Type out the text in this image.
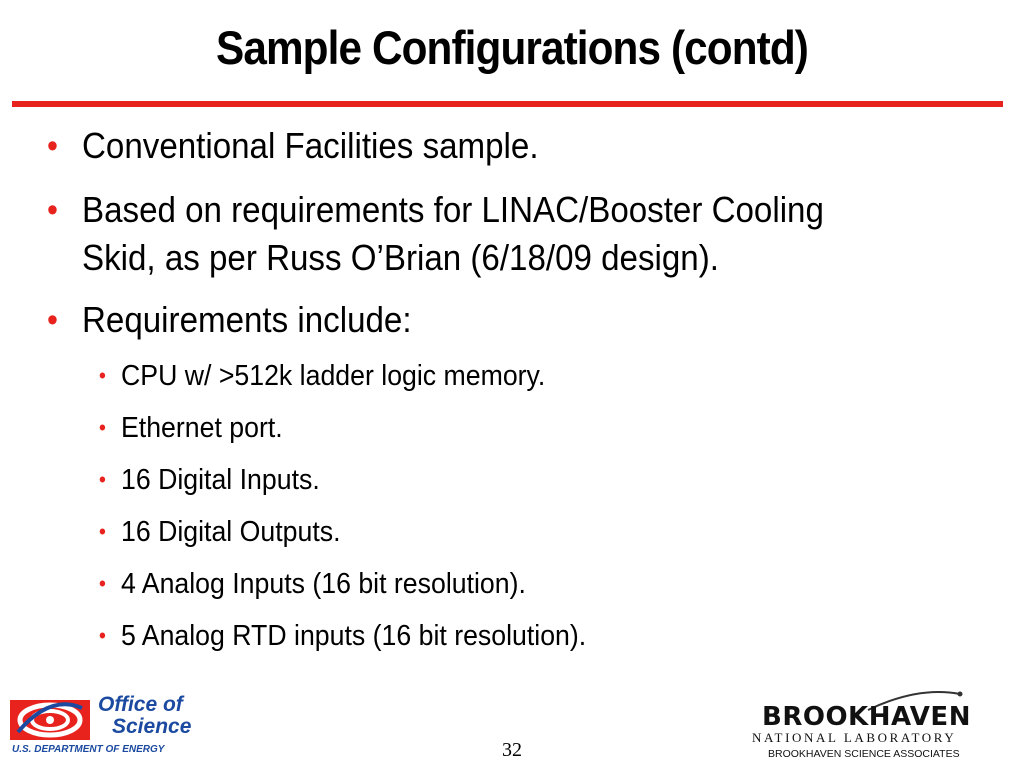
Sample Configurations (contd)
• Conventional Facilities sample.
• Based on requirements for LINAC/Booster Cooling
Skid, as per Russ O’Brian (6/18/09 design).
• Requirements include:
• CPU w/ >512k ladder logic memory.
• Ethernet port.
• 16 Digital Inputs.
• 16 Digital Outputs.
• 4 Analog Inputs (16 bit resolution).
• 5 Analog RTD inputs (16 bit resolution).
Office of
Science
U.S. DEPARTMENT OF ENERGY	32
BROOKHAVEN
NATIONAL LABORATORY
BROOKHAVEN SCIENCE ASSOCIATES
